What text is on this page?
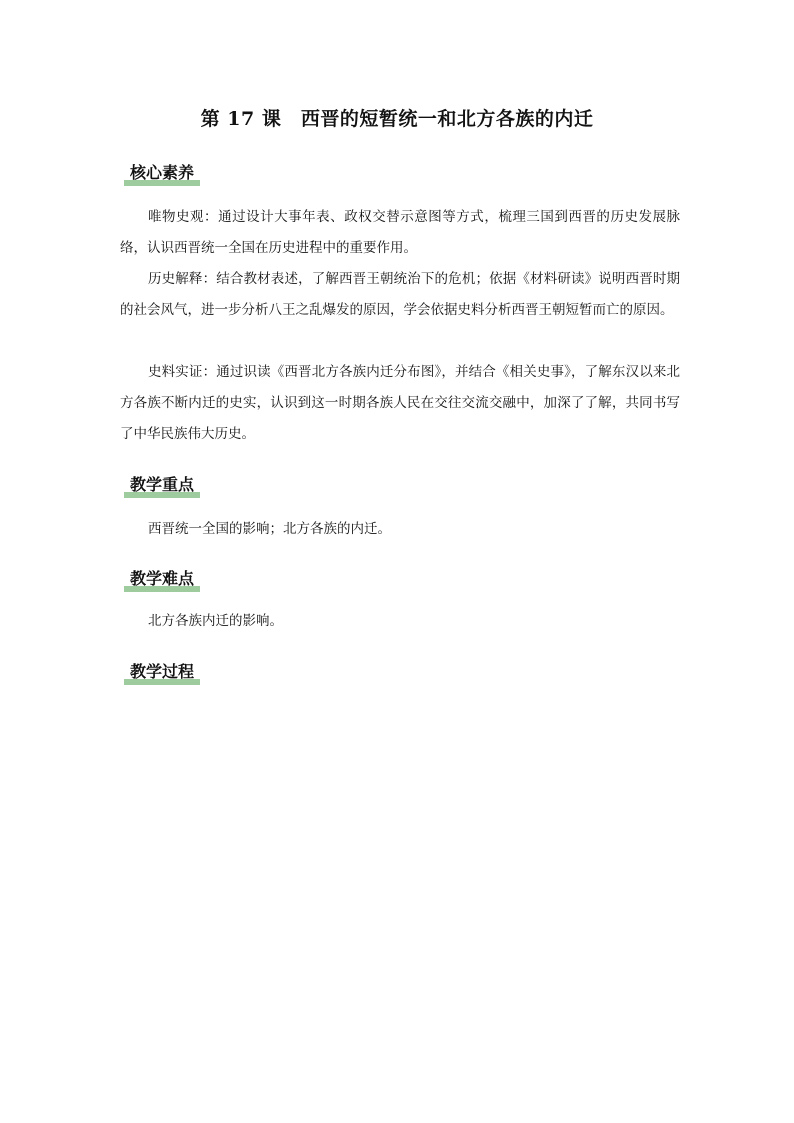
第 17 课　西晋的短暂统一和北方各族的内迁
核心素养

唯物史观：通过设计大事年表、政权交替示意图等方式，梳理三国到西晋的历史发展脉络，认识西晋统一全国在历史进程中的重要作用。

历史解释：结合教材表述，了解西晋王朝统治下的危机；依据《材料研读》说明西晋时期的社会风气，进一步分析八王之乱爆发的原因，学会依据史料分析西晋王朝短暂而亡的原因。

史料实证：通过识读《西晋北方各族内迁分布图》，并结合《相关史事》，了解东汉以来北方各族不断内迁的史实，认识到这一时期各族人民在交往交流交融中，加深了了解，共同书写了中华民族伟大历史。

教学重点

西晋统一全国的影响；北方各族的内迁。

教学难点

北方各族内迁的影响。

教学过程
